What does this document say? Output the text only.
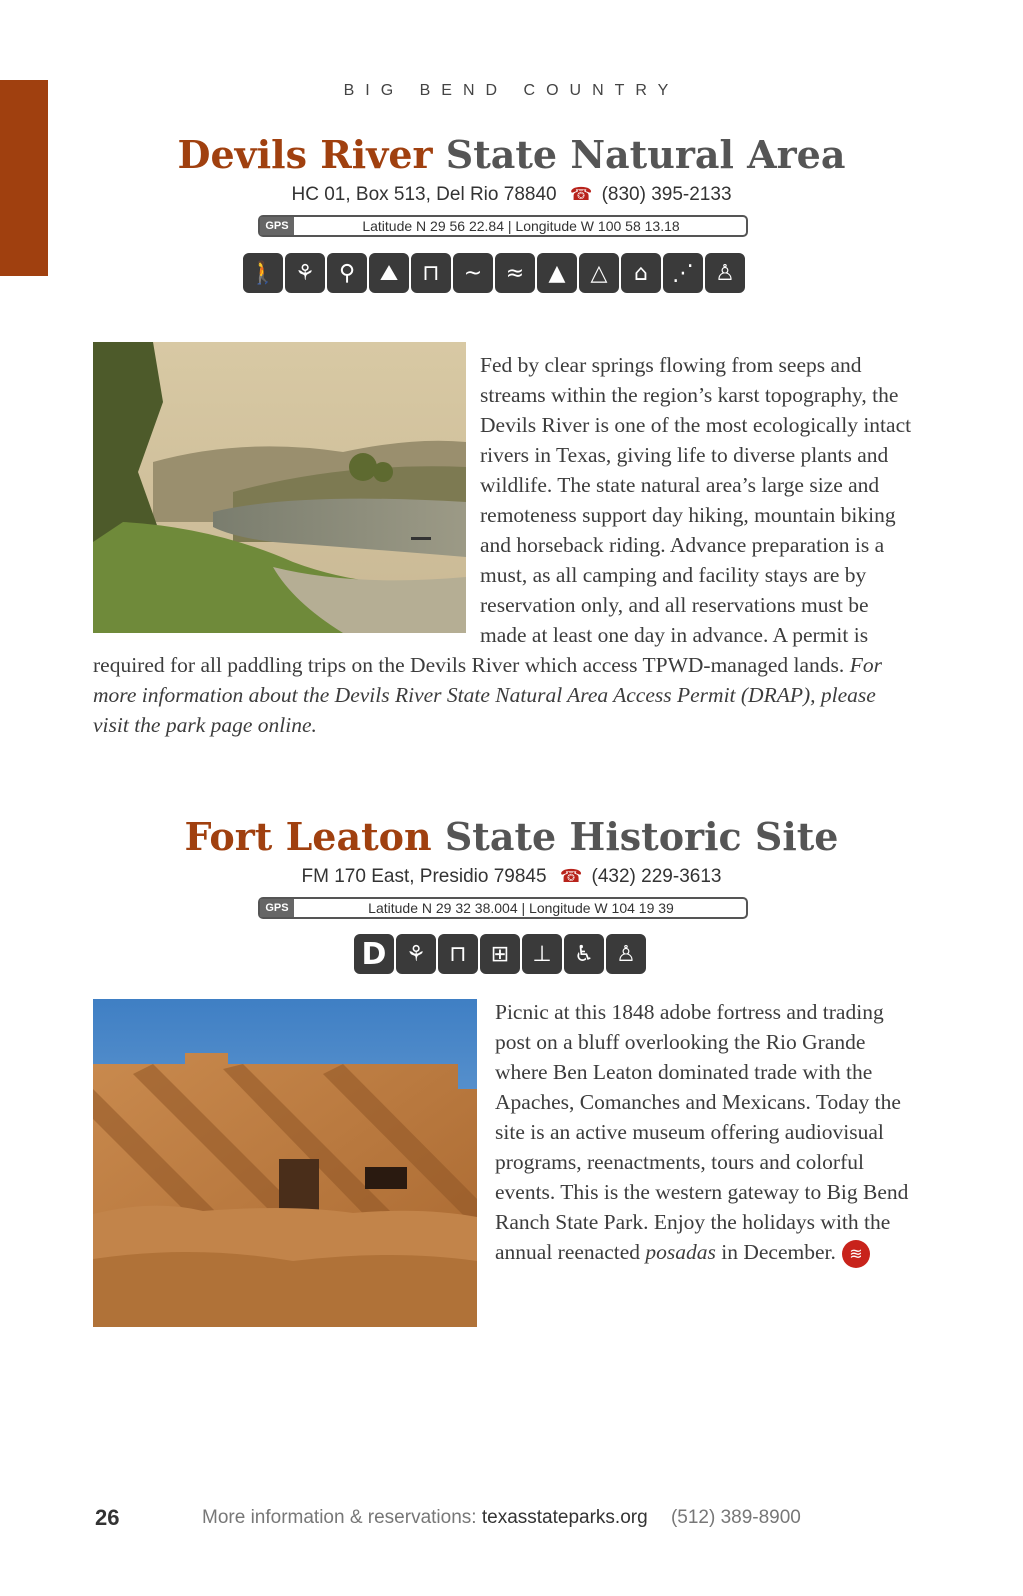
BIG BEND COUNTRY
Devils River State Natural Area
HC 01, Box 513, Del Rio 78840 ☎ (830) 395-2133
GPS	Latitude N 29 56 22.84 | Longitude W 100 58 13.18
🚶 ⚘	⚲	⛰	⊓	~	≈	▲	△	⌂	⋰ ♙

Fed by clear springs flowing from seeps and streams within the region’s karst topography, the Devils River is one of the most ecologically intact rivers in Texas, giving life to diverse plants and wildlife. The state natural area’s large size and remoteness support day hiking, mountain biking and horseback riding. Advance preparation is a must, as all camping and facility stays are by reservation only, and all reservations must be made at least one day in advance. A permit is required for all paddling trips on the Devils River which access TPWD-managed lands. For more information about the Devils River State Natural Area Access Permit (DRAP), please visit the park page online.

Fort Leaton State Historic Site
FM 170 East, Presidio 79845 ☎ (432) 229-3613
GPS	Latitude N 29 32 38.004 | Longitude W 104 19 39
D ⚘	⊓	⊞	⊥	♿	♙

Picnic at this 1848 adobe fortress and trading post on a bluff overlooking the Rio Grande where Ben Leaton dominated trade with the Apaches, Comanches and Mexicans. Today the site is an active museum offering audiovisual programs, reenactments, tours and colorful events. This is the western gateway to Big Bend Ranch State Park. Enjoy the holidays with the annual reenacted posadas in December. ≋

26	More information & reservations: texasstateparks.org (512) 389-8900
